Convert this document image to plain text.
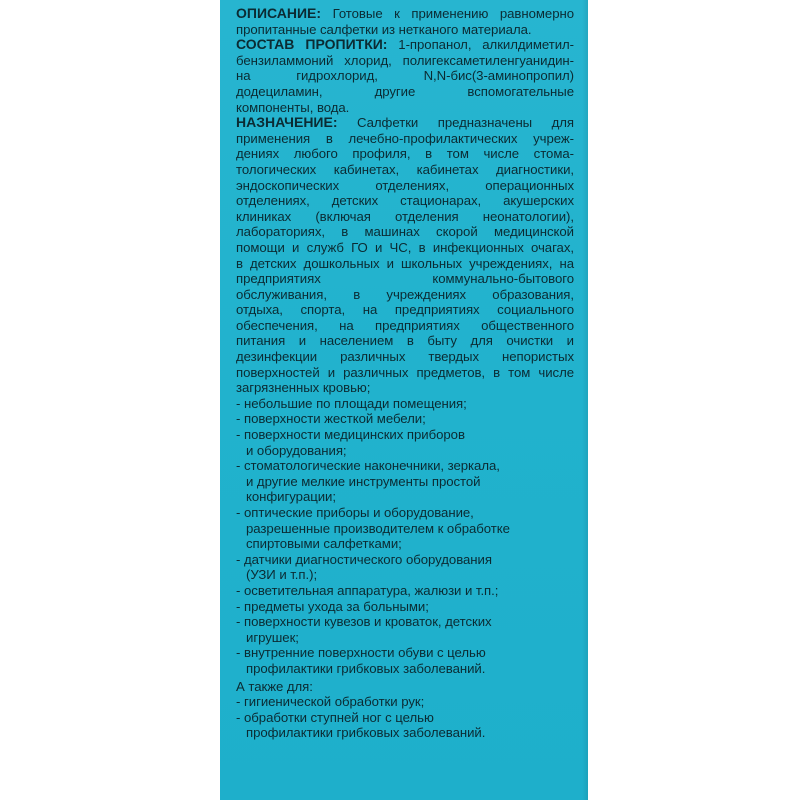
ОПИСАНИЕ: Готовые к применению равномерно
пропитанные салфетки из нетканого материала.
СОСТАВ ПРОПИТКИ: 1-пропанол, алкилдиметил-
бензиламмоний хлорид, полигексаметиленгуанидин-
на гидрохлорид, N,N-бис(3-аминопропил)
додециламин, другие вспомогательные
компоненты, вода.
НАЗНАЧЕНИЕ: Салфетки предназначены для
применения в лечебно-профилактических учреж-
дениях любого профиля, в том числе стома-
тологических кабинетах, кабинетах диагностики,
эндоскопических отделениях, операционных
отделениях, детских стационарах, акушерских
клиниках (включая отделения неонатологии),
лабораториях, в машинах скорой медицинской
помощи и служб ГО и ЧС, в инфекционных очагах,
в детских дошкольных и школьных учреждениях, на
предприятиях коммунально-бытового
обслуживания, в учреждениях образования,
отдыха, спорта, на предприятиях социального
обеспечения, на предприятиях общественного
питания и населением в быту для очистки и
дезинфекции различных твердых непористых
поверхностей и различных предметов, в том числе
загрязненных кровью;
- небольшие по площади помещения;
- поверхности жесткой мебели;
- поверхности медицинских приборов
и оборудования;
- стоматологические наконечники, зеркала,
и другие мелкие инструменты простой
конфигурации;
- оптические приборы и оборудование,
разрешенные производителем к обработке
спиртовыми салфетками;
- датчики диагностического оборудования
(УЗИ и т.п.);
- осветительная аппаратура, жалюзи и т.п.;
- предметы ухода за больными;
- поверхности кувезов и кроваток, детских
игрушек;
- внутренние поверхности обуви с целью
профилактики грибковых заболеваний.
А также для:
- гигиенической обработки рук;
- обработки ступней ног с целью
профилактики грибковых заболеваний.
